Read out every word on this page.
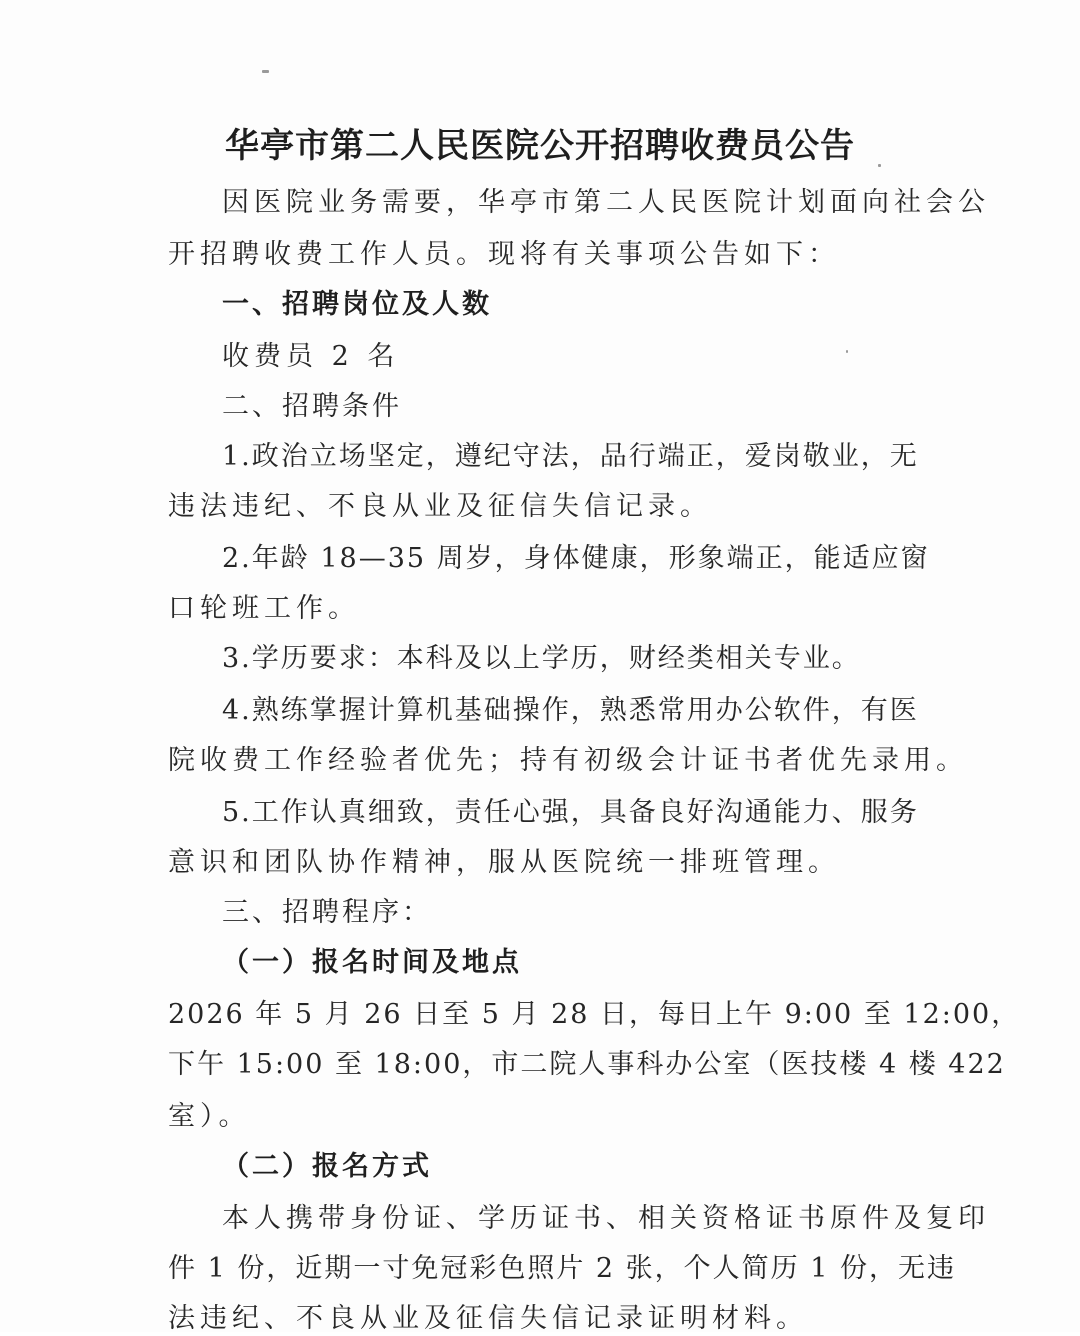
华亭市第二人民医院公开招聘收费员公告
因医院业务需要，华亭市第二人民医院计划面向社会公
开招聘收费工作人员。现将有关事项公告如下：
一、招聘岗位及人数
收费员 2 名
二、招聘条件
1.政治立场坚定，遵纪守法，品行端正，爱岗敬业，无
违法违纪、不良从业及征信失信记录。
2.年龄 18—35 周岁，身体健康，形象端正，能适应窗
口轮班工作。
3.学历要求：本科及以上学历，财经类相关专业。
4.熟练掌握计算机基础操作，熟悉常用办公软件，有医
院收费工作经验者优先；持有初级会计证书者优先录用。
5.工作认真细致，责任心强，具备良好沟通能力、服务
意识和团队协作精神，服从医院统一排班管理。
三、招聘程序：
（一）报名时间及地点
2026 年 5 月 26 日至 5 月 28 日，每日上午 9:00 至 12:00，
下午 15:00 至 18:00，市二院人事科办公室（医技楼 4 楼 422
室）。
（二）报名方式
本人携带身份证、学历证书、相关资格证书原件及复印
件 1 份，近期一寸免冠彩色照片 2 张，个人简历 1 份，无违
法违纪、不良从业及征信失信记录证明材料。
